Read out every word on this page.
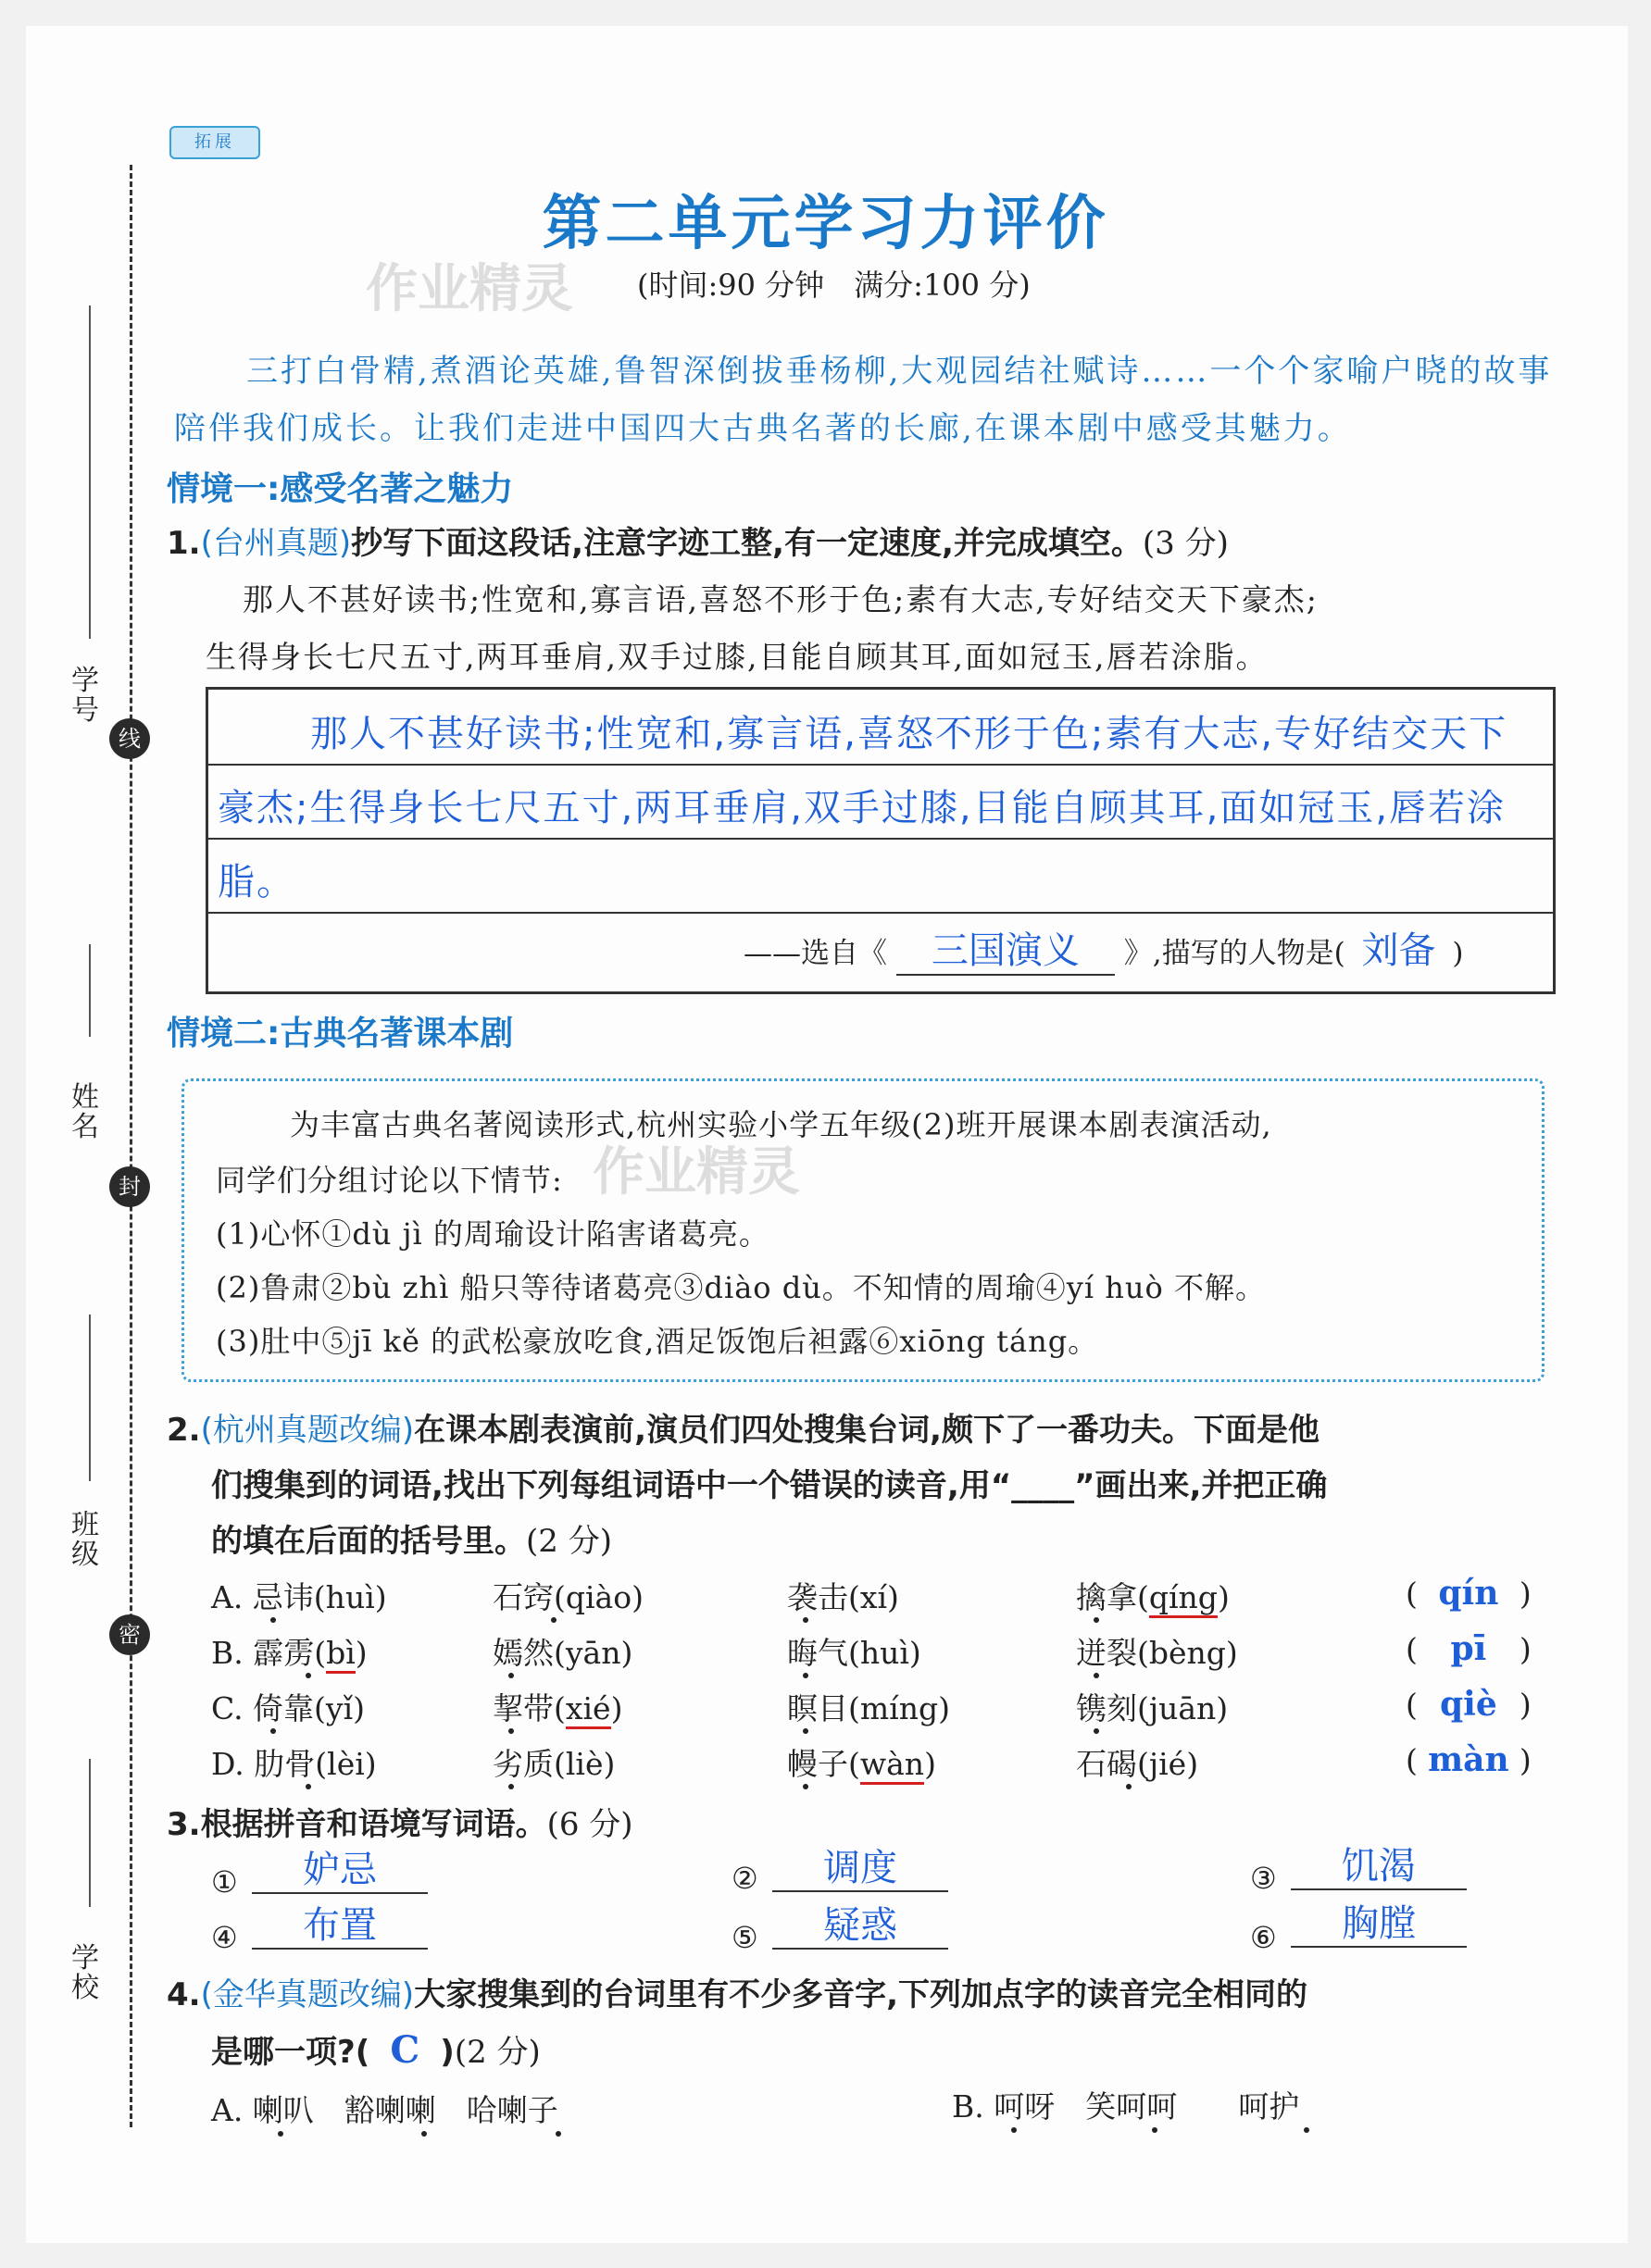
拓展
学号
线
姓名
封
班级
密
学校
第二单元学习力评价
(时间:90 分钟　满分:100 分)
作业精灵
三打白骨精,煮酒论英雄,鲁智深倒拔垂杨柳,大观园结社赋诗……一个个家喻户晓的故事陪伴我们成长。让我们走进中国四大古典名著的长廊,在课本剧中感受其魅力。
情境一:感受名著之魅力
1.(台州真题)抄写下面这段话,注意字迹工整,有一定速度,并完成填空。(3 分)
那人不甚好读书;性宽和,寡言语,喜怒不形于色;素有大志,专好结交天下豪杰;
生得身长七尺五寸,两耳垂肩,双手过膝,目能自顾其耳,面如冠玉,唇若涂脂。
那人不甚好读书;性宽和,寡言语,喜怒不形于色;素有大志,专好结交天下豪杰;生得身长七尺五寸,两耳垂肩,双手过膝,目能自顾其耳,面如冠玉,唇若涂脂。
——选自《 三国演义 》,描写的人物是( 刘备 )
情境二:古典名著课本剧
为丰富古典名著阅读形式,杭州实验小学五年级(2)班开展课本剧表演活动,
同学们分组讨论以下情节:
(1)心怀①dù jì 的周瑜设计陷害诸葛亮。
(2)鲁肃②bù zhì 船只等待诸葛亮③diào dù。不知情的周瑜④yí huò 不解。
(3)肚中⑤jī kě 的武松豪放吃食,酒足饭饱后袒露⑥xiōng táng。
作业精灵
2.(杭州真题改编)在课本剧表演前,演员们四处搜集台词,颇下了一番功夫。下面是他
们搜集到的词语,找出下列每组词语中一个错误的读音,用“____”画出来,并把正确
的填在后面的括号里。(2 分)
A. 忌讳(huì)	石窍(qiào)	袭击(xí)	擒拿(qíng)	( qín )
B. 霹雳(bì)	嫣然(yān)	晦气(huì)	迸裂(bèng)	( pī )
C. 倚靠(yǐ)	挈带(xié)	瞑目(míng)	镌刻(juān)	( qiè )
D. 肋骨(lèi)	劣质(liè)	幔子(wàn)	石碣(jié)	( màn )
3.根据拼音和语境写词语。(6 分)
①	妒忌	②	调度	③	饥渴
④	布置	⑤	疑惑	⑥	胸膛
4.(金华真题改编)大家搜集到的台词里有不少多音字,下列加点字的读音完全相同的
是哪一项?( C )(2 分)
A. 喇叭　豁喇喇　哈喇子	B. 呵呀　笑呵呵　　呵护
